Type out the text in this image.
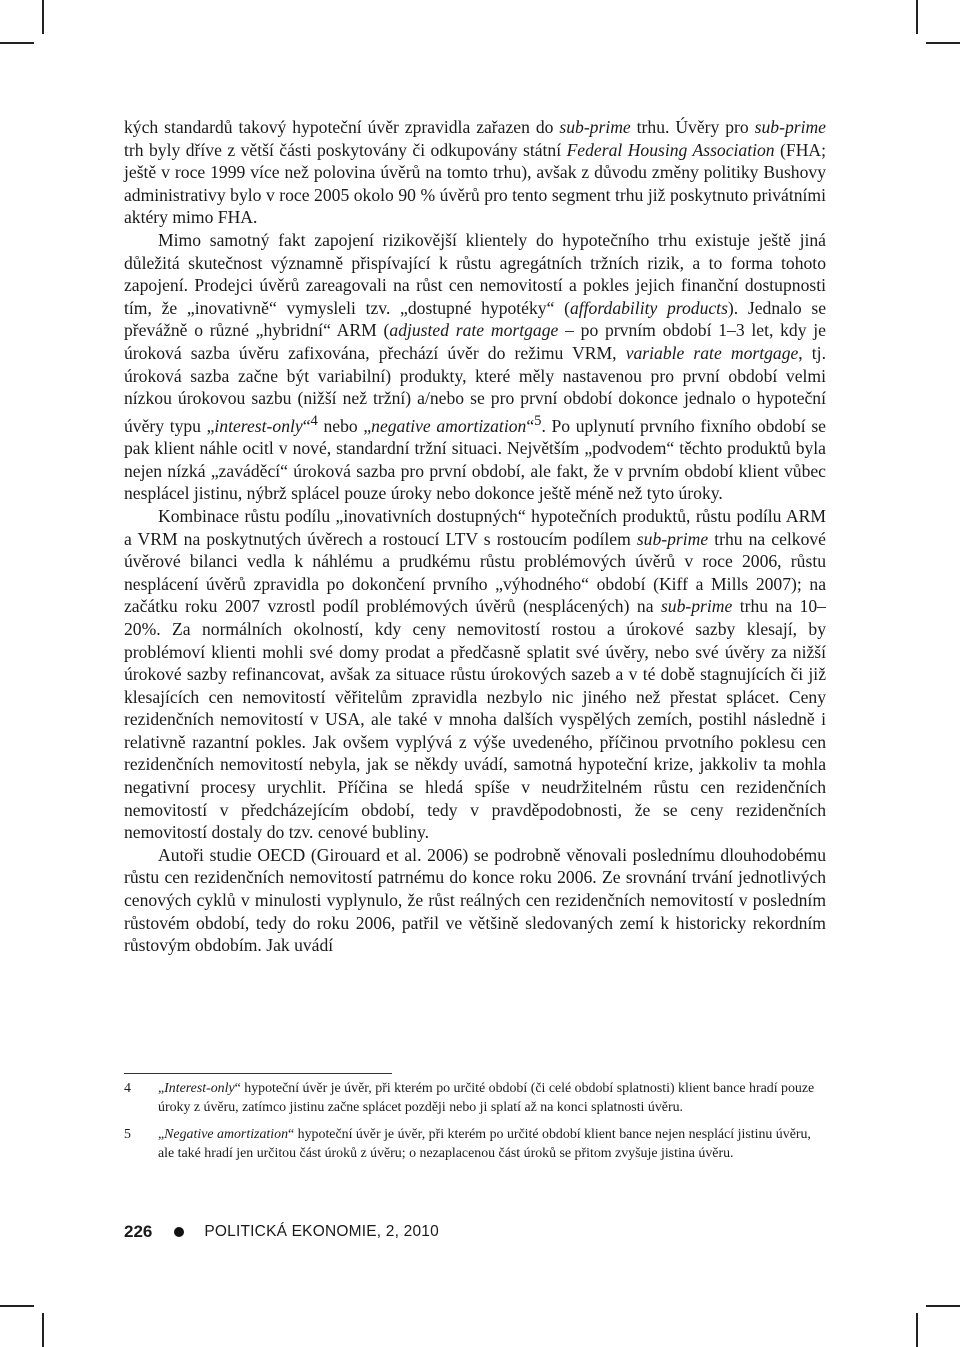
kých standardů takový hypoteční úvěr zpravidla zařazen do sub-prime trhu. Úvěry pro sub-prime trh byly dříve z větší části poskytovány či odkupovány státní Federal Housing Association (FHA; ještě v roce 1999 více než polovina úvěrů na tomto trhu), avšak z důvodu změny politiky Bushovy administrativy bylo v roce 2005 okolo 90 % úvěrů pro tento segment trhu již poskytnuto privátními aktéry mimo FHA.

Mimo samotný fakt zapojení rizikovější klientely do hypotečního trhu existuje ještě jiná důležitá skutečnost významně přispívající k růstu agregátních tržních rizik, a to forma tohoto zapojení. Prodejci úvěrů zareagovali na růst cen nemovitostí a pokles jejich finanční dostupnosti tím, že „inovativně“ vymysleli tzv. „dostupné hypotéky“ (affordability products). Jednalo se převážně o různé „hybridní“ ARM (adjusted rate mortgage – po prvním období 1–3 let, kdy je úroková sazba úvěru zafixována, přechází úvěr do režimu VRM, variable rate mortgage, tj. úroková sazba začne být variabilní) produkty, které měly nastavenou pro první období velmi nízkou úrokovou sazbu (nižší než tržní) a/nebo se pro první období dokonce jednalo o hypoteční úvěry typu „interest-only“$^4$ nebo „negative amortization“$^5$. Po uplynutí prvního fixního období se pak klient náhle ocitl v nové, standardní tržní situaci. Největším „podvodem“ těchto produktů byla nejen nízká „zaváděcí“ úroková sazba pro první období, ale fakt, že v prvním období klient vůbec nesplácel jistinu, nýbrž splácel pouze úroky nebo dokonce ještě méně než tyto úroky.

Kombinace růstu podílu „inovativních dostupných“ hypotečních produktů, růstu podílu ARM a VRM na poskytnutých úvěrech a rostoucí LTV s rostoucím podílem sub-prime trhu na celkové úvěrové bilanci vedla k náhlému a prudkému růstu problémových úvěrů v roce 2006, růstu nesplácení úvěrů zpravidla po dokončení prvního „výhodného“ období (Kiff a Mills 2007); na začátku roku 2007 vzrostl podíl problémových úvěrů (nesplácených) na sub-prime trhu na 10–20%. Za normálních okolností, kdy ceny nemovitostí rostou a úrokové sazby klesají, by problémoví klienti mohli své domy prodat a předčasně splatit své úvěry, nebo své úvěry za nižší úrokové sazby refinancovat, avšak za situace růstu úrokových sazeb a v té době stagnujících či již klesajících cen nemovitostí věřitelům zpravidla nezbylo nic jiného než přestat splácet. Ceny rezidenčních nemovitostí v USA, ale také v mnoha dalších vyspělých zemích, postihl následně i relativně razantní pokles. Jak ovšem vyplývá z výše uvedeného, příčinou prvotního poklesu cen rezidenčních nemovitostí nebyla, jak se někdy uvádí, samotná hypoteční krize, jakkoliv ta mohla negativní procesy urychlit. Příčina se hledá spíše v neudržitelném růstu cen rezidenčních nemovitostí v předcházejícím období, tedy v pravděpodobnosti, že se ceny rezidenčních nemovitostí dostaly do tzv. cenové bubliny.

Autoři studie OECD (Girouard et al. 2006) se podrobně věnovali poslednímu dlouhodobému růstu cen rezidenčních nemovitostí patrnému do konce roku 2006. Ze srovnání trvání jednotlivých cenových cyklů v minulosti vyplynulo, že růst reálných cen rezidenčních nemovitostí v posledním růstovém období, tedy do roku 2006, patřil ve většině sledovaných zemí k historicky rekordním růstovým obdobím. Jak uvádí

4 „Interest-only“ hypoteční úvěr je úvěr, při kterém po určité období (či celé období splatnosti) klient bance hradí pouze úroky z úvěru, zatímco jistinu začne splácet později nebo ji splatí až na konci splatnosti úvěru.
5 „Negative amortization“ hypoteční úvěr je úvěr, při kterém po určité období klient bance nejen nesplácí jistinu úvěru, ale také hradí jen určitou část úroků z úvěru; o nezaplacenou část úroků se přitom zvyšuje jistina úvěru.
226	POLITICKÁ EKONOMIE, 2, 2010
